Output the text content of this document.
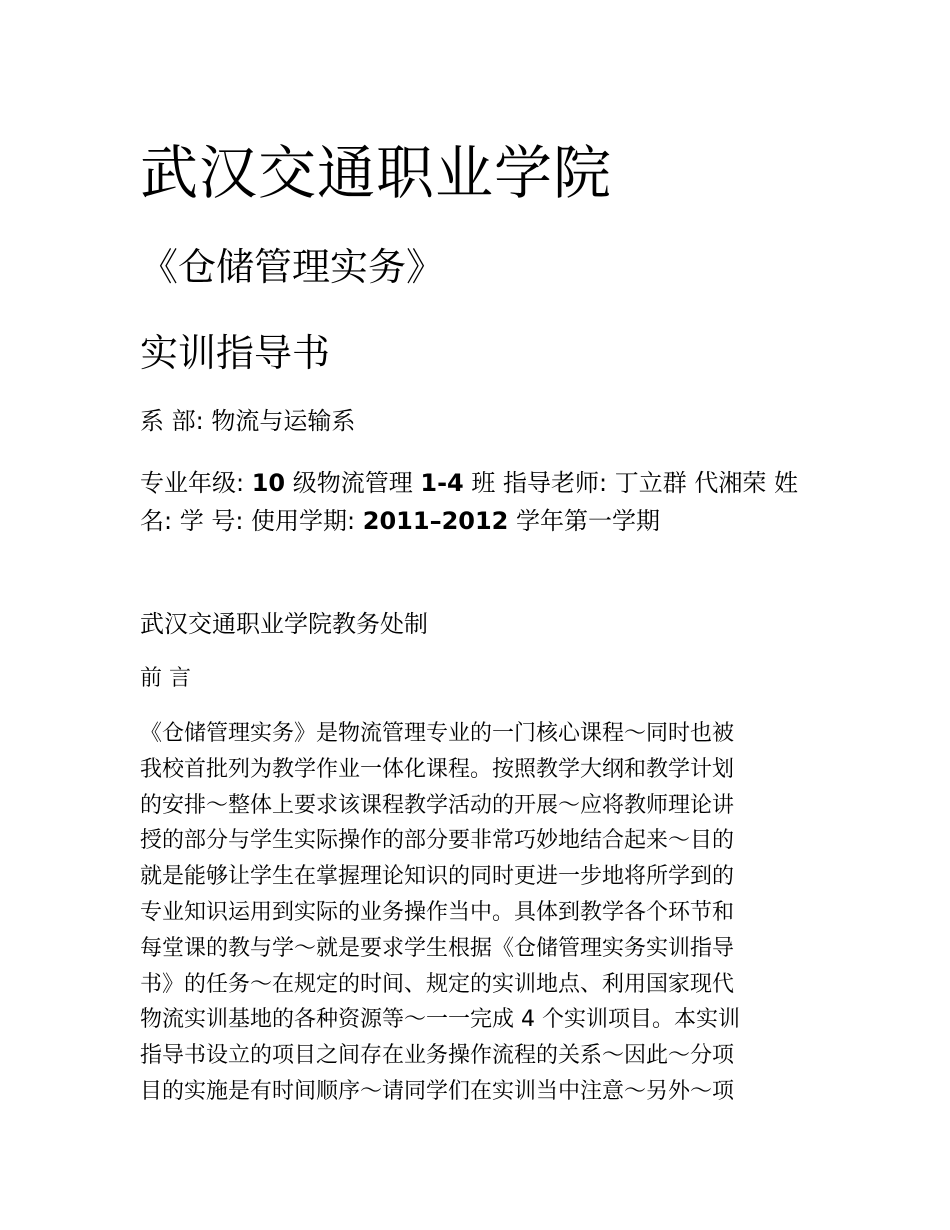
武汉交通职业学院
《仓储管理实务》
实训指导书
系 部: 物流与运输系
专业年级: 10 级物流管理 1-4 班 指导老师: 丁立群 代湘荣 姓 名: 学 号: 使用学期: 2011–2012 学年第一学期
武汉交通职业学院教务处制
前 言
《仓储管理实务》是物流管理专业的一门核心课程～同时也被
我校首批列为教学作业一体化课程。按照教学大纲和教学计划
的安排～整体上要求该课程教学活动的开展～应将教师理论讲
授的部分与学生实际操作的部分要非常巧妙地结合起来～目的
就是能够让学生在掌握理论知识的同时更进一步地将所学到的
专业知识运用到实际的业务操作当中。具体到教学各个环节和
每堂课的教与学～就是要求学生根据《仓储管理实务实训指导
书》的任务～在规定的时间、规定的实训地点、利用国家现代
物流实训基地的各种资源等～一一完成 4 个实训项目。本实训
指导书设立的项目之间存在业务操作流程的关系～因此～分项
目的实施是有时间顺序～请同学们在实训当中注意～另外～项
